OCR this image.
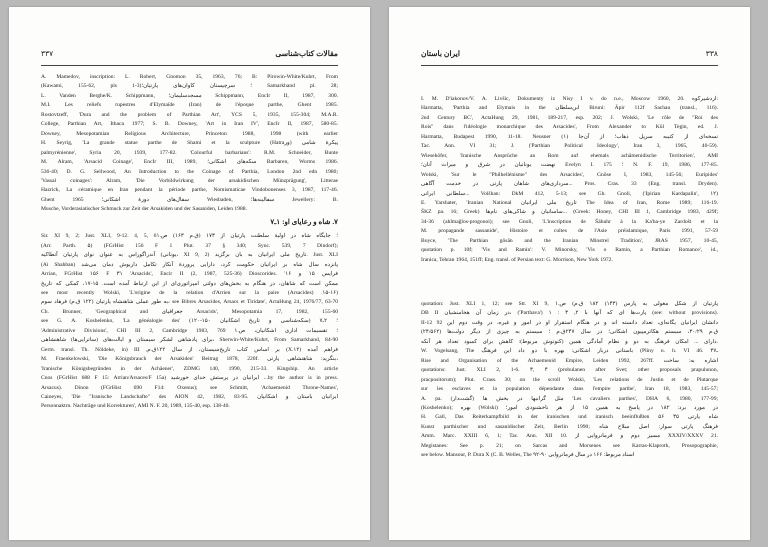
۳۳۷	مقالات کتاب‌شناسی
A. Mamedov, inscription: L. Robert, Gnomon 35, 1963, 76; B: Pirowin-White/Kuhrt, From
(Kawami, 155-62, pls 1-3)؛ سرچیستان کاوان‌های پارتیان؛ Samarkhand pl. 28;
L. Vanden Berghe/K. Schippmann, مسجدسلیمان؛ Schippmann, EncIr II, 1987, 300.
M.I. Les reliefs rupestres d'Elymaïde (Iran) de l'époque parthe, Ghent 1985.
Rostovtzeff, 'Dura and the problem of Parthian Art', YCS 5, 1935, 155-304; M.A.R.
College, Parthian Art, Ithaca 1977; S. B. Downey, 'Art in Iran IV', EncIr II, 1987, 580-85.
Downey, Mesopotamian Religious Architecture, Princeton 1988, 1998 (with earlier
H. Seyrig, 'La grande statue parthe de Shami et la sculpture (Hatra‌ور) ‌پیکرهٔ شامی
palmyrénienne', Syria 20, 1939, 177-82. 'Colourful barbarians': R.M. Schneider, Bunte
M. Alram, 'Arsacid Coinage', EncIr III, 1989, ‌سکه‌های اشکانی؛ Barbaren, Worms 1986.
536-40; D. G. Sellwood, An Introduction to the Coinage of Parthia, London 2nd edn 1980;
'Vassal coinages': Alram, 'Die Vorbildwirkung der arsakidischen Münzprägung', Litterae
Hazrick, La céramique en Iran pendant la période parthe, Nomismaticae Vindobonenses 3, 1987, 117-46.
Ghent 1965 ‌سفال‌های دورهٔ اشکانی؛ Wiesbaden, سفالینه‌ها؛ Jewellery: B.
Musche, Vorderasiatischer Schmuck zur Zeit der Arsakiden und der Sasaniden, Leiden 1988.
۷. شاه و رعایای او: ۱ـ۷
Sir. XI 9, 2; Just. XLI, 9-12. 4, 5, 6؛ جایگاه شاه در اولیهٔ سلطنت پارتیان از ۱۷۳ (ق.م ۱۶۳) ص.۱
(Arr. Parth. ۵) (FGrHist 156 F 1 Plut. 37 § 340; Sync. 539, 7 Dindorf);
آندراگوراس به عنوان نوای پارتیان آنطاکیه (یونانی، XI 9, 2) تاریخ ملی ایرانیان به بان برگزید. Just. XLI
(Ai Shahban) پانزده سال شاه بر ایرانیان حکومت کرد، دارایی پروردهٔ آنکار تکامل داریوش دمان می‌شد
Arrian, FGrHist ۱۵۶ F ۳۱ 'Arsacids', Encir II (2, 1987, 525-36) Dioscorides. 'فراپس ۱۵ و ۱۶
ممکن است که شاهان، در هنگام به بخش‌های دولتی امپراتوری‌ای از این ارتباط آمده است. ۱۵-۱۷، کمکی که تاریخ
see most recently Wolski, 'L'origine de la relation d'Arrien sur la paire (Arsacides) ۱۵-۱۶)
به طور عملی شاهنشاه پارتیان (۱۲۲ ق.م) فرهاد سوم، see Bibres Arsacides, Arsacs et Tiridate', ActaHung 24, 1976/77, 63-70
Ch. Brunner, 'Geographical and جغرافیای Arsacids', Mesopotamia 17, 1982, 155-60
see G. A. Koshelenko, 'La généalogie des' (۱۲۰-۱۵۰ سکه‌شناسی و تاریخ اشکانیان) ؛ ۲ـ۷
'Administrative Divisions', CHI III 2, Cambridge 1983, 769 ؛ تقسیمات اداری اشکانیان، ص.۱
برای پادشاهی لشکر سیستان و ایالت‌های (ساتراپی‌ها) شاهنشاهی، Sherwin-White/Kuhrt, From Samarkhand, 84-90
Germ. transl. Th. Nöldeke, in) III ,بر اساس کتاب تاریخ‌سیستان، از سال ۱۲۲ق.م (X.۱۲) فراهم آمده
M. Fraenkelowski, 'Die Königsbrauch der Arsakiden' Beitrag 1878, 220f. بنگرید: شاهنشاهی پارتی،
'Iranische Königsbegründen in der Achäener', ZDMG 140, 1990, 215-33. Kingship. An article
Cnos (FGrHist 688 F 15: Arrian/Arsaces/F 15a) ایرانیان در پرستش خدای خورشید ...by the author is in press.
Arsacus). Dinon (FGrHist 690 F14: Oxenus); see Schmitt, 'Achaemenid Throne-Names',
Caineyes, 'Die "Iranische Landschafte" des AION 42, 1982, 83-95. ایرانیان باستان و اشکانیان
Personnaktrn. Nachträge und Korrekturen', AMI N. F. 20, 1989, 135-40, esp. 138-40.
ایران باستان	۳۳۸
I. M. D'iakonov/V. A. Livšic, Dokumenty iz Nisy I v. do n.e., Moscow 1960, 20. اردشیرکوه:
Harmatta, 'Parthia and Elymais in the ‌ابن‌سلطان Biruni: Äpir 112f Sachau (transl., 116).
2nd Century BC', ActaHung 29, 1981, 189-217, esp. 202; J. Wolski, 'Le rôle de "Roi des
Rois" dans l'idéologie monarchique des Arsacides', From Alexander to Kül Tegin, ed. J.
Harmatta, Budapest 1990, 11-18. ‌Neusner (۱) نسخه‌ای از کتیبه سرپل ذهاب؛ از آن‌جا
Tac. Ann. VI 31; J. ‌('Parthian Political Ideology', Iran 3, 1965, 40-59).
Wiesehöfer, 'Iranische Ansprüche an Rom auf ehemals achämenidische Territorien', AMI
نهضت یونانیان در شرق و میراث آنان؛ Evelyn I. 175 ؛ N. F. 19, 1986, 177-85.
Wolski, 'Sur le "Philhellénisme" des Arsacides', Gnôse I, 1983, 145-56; Euripides'
سرداری‌های شاهان پارتی در خدمت آگاهی... Pros. Cras. 33 (Eng. transl. Dryden).
سلطانی ایرانی... Volšhan: DkM 412, 5-13; see Gh. Gnoli, ('Ipirian Kardapalin', ۱۲)
E. Yarshater, 'Iranian National ‌تاریخ ملی ایرانیان The Idea of Iran, Rome 1989; 116-19.
ŠKZ pa. 16; Greek) ‌ساسانیان و شاکی‌های نام‌ها... (Greek: Honey, CHI III 1, Cambridge 1983, 429f;
34-36 (ahlmağlos-progonoi); see Gnoli, 'L'inscription de Šāhuhr à la Ka'ba-ye Zardošt et la
M. ‌propagande sassanide', Histoire et cultes de l'Asie préislamique, Paris 1991, 57-59
Boyce, 'The Parthian gōsān and the Iranian Minstrel Tradition', JRAS 1957, 10-45,
quotation p. 10f; 'Vis and Ramin': V. Minorsky, 'Vis o Ramin, a Parthian Romance', id.,
Iranica, Tehran 1964, 151ff; Eng. transl. of Persian text: G. Morrison, New York 1972.
quotation: Just. XLI 1, 12; see Str. XI 9, ‌پارتیان از شکل مغولی به پارس (۱۴۳) ۱۸۲ ق.م) ص.۱
DB II ‌در زمان آن هخامنشیان، ('Parthava') ۱ : پارت‌ها ای که آنها با ۲, ۳ (see: without provisions).
II-12 92 ‌دانشان ‌ایرانیان یگانه‌ای، تعداد ‌دانسته ‌اند ‌و ‌در ‌هنگام ‌استقرار ‌او ‌در ‌امور ‌و ‌غیره، ‌در ‌وقت ‌دوم ‌این
ق.م ۳۰/۲۹، ‌سیستم هکاترمپیون ‌اشکانی؛ در ‌سال ۲۴۷ق.م ؛ ‌سیستم ‌به ‌چیزی ‌از ‌دیگر ‌دولت‌ها (۲۴/۵۶۲)
دارای ... امکان ‌فرهنگ به ‌دو ‌و ‌نظام ‌آمادگی ‌همین ‌(کنوتوش ‌مربوط): ‌کاهش ‌برای ‌کمبود ‌تعداد ‌هر ‌آنکه.
W. Vogelsang, The ‌باستانی دربار اشکانی: ‌بهره ‌با ‌دو ‌داد ‌این ‌فرهنگ (Pliny n. h. VI 46. ۳ـ۷
Rise and Organisation of the Achaemenid Empire, Leiden 1992, 267ff. ‌اشاره به: ‌ساخت
quotations: Just. XLI 2, 1-6. ۳, ۴ (probulanen after Svet; other proposals prapulunon,
pracpositorum); Plut. Crass. 30; on the scroll Wolski, 'Les relations de Justin et de Plutarque
sur les esclaves et la population dépendante dans l'empire parthe', Iran 18, 1983, 145-57;
A. pa. ‌مثل ‌گرانبها ‌در ‌بخش ‌ها (گشت‌دار) 'Les cavaliers parthes', DHA 6, 1980, 177-99;
‌(Koshelenko); ‌بهره ‌(Wolski) ‌در ‌مورد ‌برد: ‌۱۸۲ ‌در ‌پاسخ ‌به ‌همین ‌۱۵ ‌از ‌هر ‌ناخشنودی ‌امور؛
H. Gall, Das Reiterkampfbild in der iranischen und iranisch beeinflußten ‌شاه ‌پارتی ‌۳۵ ۵۶
Kunst parthischer und sasanidischer Zeit, Berlin 1990; ‌فرهنگ ‌پارتی ‌سوار: ‌اصل ‌سلاح ‌شاه
Amm. Marc. XXIII 6, 1; Tac. Ann. XII 10. ‌مسیر ‌دوم ‌و ‌فرمانروایی ‌از XXXIV/XXXV 21.
Megistanes: See p. 21; on Sarcas and Morsenes see Karras-Klaproth, Prosopographie,
see below. Mansour, P. Dura X (C. B. Welles, The ‌اسناد ‌مربوط: ‌۱۶۶ ‌در ‌سال ‌فرمانروایی ۹۰-۹۲
